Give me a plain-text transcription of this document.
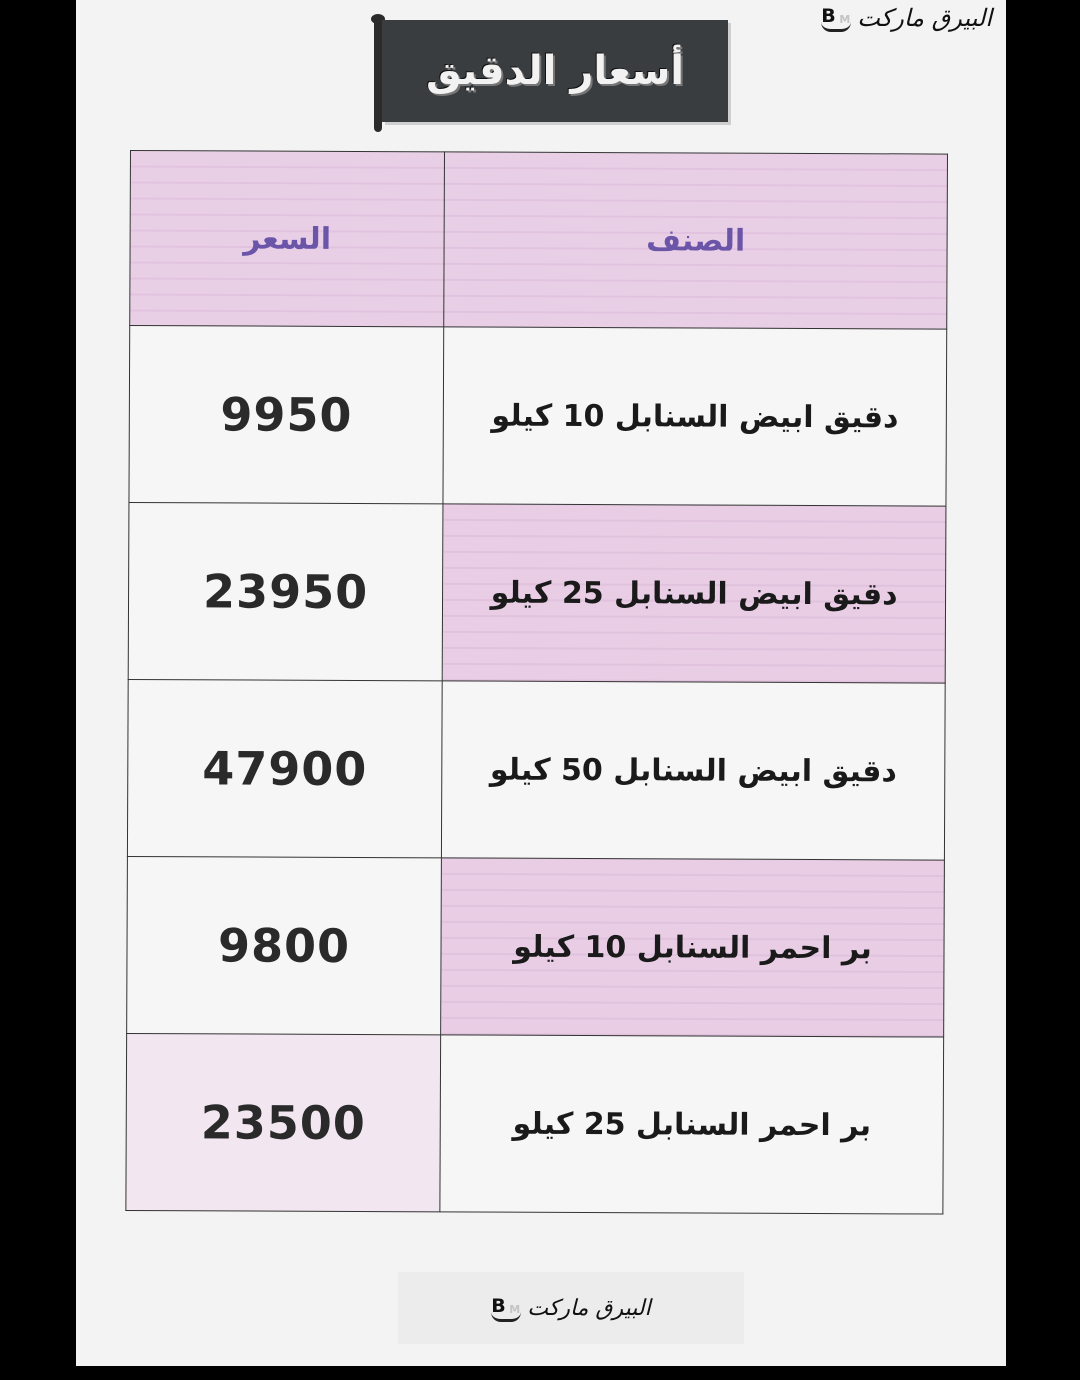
البيرق ماركت
B M
أسعار الدقيق
الصنف	السعر
دقيق ابيض السنابل 10 كيلو	9950
دقيق ابيض السنابل 25 كيلو	23950
دقيق ابيض السنابل 50 كيلو	47900
بر احمر السنابل 10 كيلو	9800
بر احمر السنابل 25 كيلو	23500
البيرق ماركت
B M
